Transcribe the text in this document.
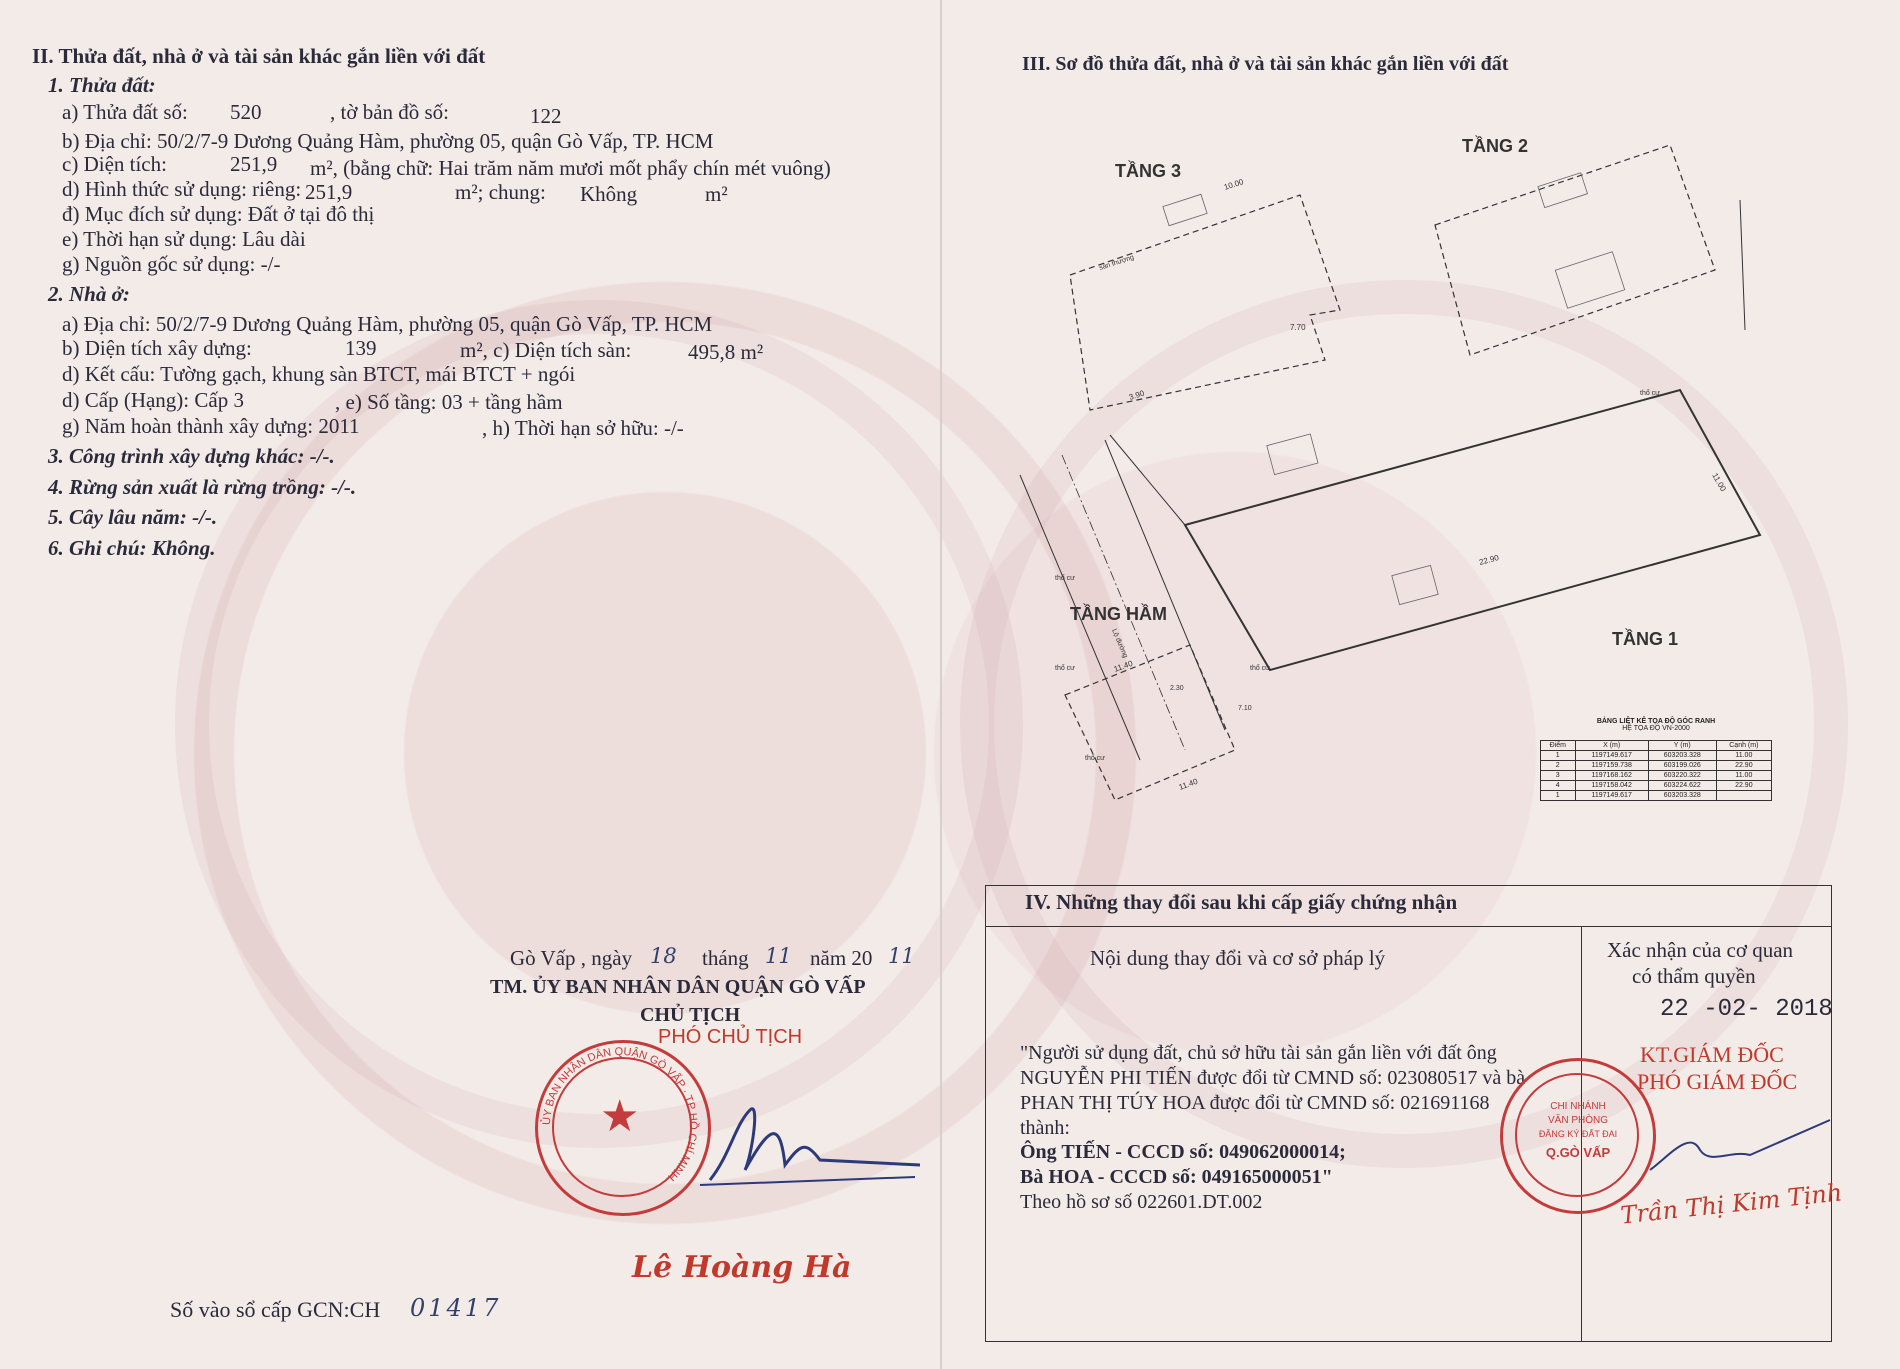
II. Thửa đất, nhà ở và tài sản khác gắn liền với đất
1. Thửa đất:
a) Thửa đất số: 520	, tờ bản đồ số:	122
b) Địa chỉ: 50/2/7-9 Dương Quảng Hàm, phường 05, quận Gò Vấp, TP. HCM
c) Diện tích:	251,9 m², (bằng chữ: Hai trăm năm mươi mốt phẩy chín mét vuông)
d) Hình thức sử dụng: riêng: 251,9	m²; chung: Không	m²
đ) Mục đích sử dụng: Đất ở tại đô thị
e) Thời hạn sử dụng: Lâu dài
g) Nguồn gốc sử dụng: -/-
2. Nhà ở:
a) Địa chỉ: 50/2/7-9 Dương Quảng Hàm, phường 05, quận Gò Vấp, TP. HCM
b) Diện tích xây dựng:	139	m², c) Diện tích sàn:	495,8 m²
d) Kết cấu: Tường gạch, khung sàn BTCT, mái BTCT + ngói
d) Cấp (Hạng): Cấp 3	, e) Số tầng: 03 + tầng hầm
g) Năm hoàn thành xây dựng: 2011	, h) Thời hạn sở hữu: -/-
3. Công trình xây dựng khác: -/-.
4. Rừng sản xuất là rừng trồng: -/-.
5. Cây lâu năm: -/-.
6. Ghi chú: Không.
Gò Vấp , ngày 18 tháng 11 năm 20 11
TM. ỦY BAN NHÂN DÂN QUẬN GÒ VẤP
CHỦ TỊCH
PHÓ CHỦ TỊCH
★
ỦY BAN NHÂN DÂN QUẬN GÒ VẤP · TP HỒ CHÍ MINH
Lê Hoàng Hà
Số vào sổ cấp GCN:CH 01417
III. Sơ đồ thửa đất, nhà ở và tài sản khác gắn liền với đất
TẦNG 3
10.00
sân thượng
7.70
3.90
TẦNG 2
TẦNG 1
22.90
11.00
thổ cư
thổ cư
Lộ đường
thổ cư
thổ cư
thổ cư
TẦNG HẦM
11.40
11.40
2.30
7.10
BẢNG LIỆT KÊ TỌA ĐỘ GÓC RANH
HỆ TỌA ĐỘ VN-2000
Điểm	X (m)	Y (m)	Cạnh (m)
1	1197149.617	603203.328	11.00
2	1197159.738	603199.026	22.90
3	1197168.162	603220.322	11.00
4	1197158.042	603224.622	22.90
1	1197149.617	603203.328	
IV. Những thay đổi sau khi cấp giấy chứng nhận
Nội dung thay đổi và cơ sở pháp lý	Xác nhận của cơ quan
có thẩm quyền
"Người sử dụng đất, chủ sở hữu tài sản gắn liền với đất ông
NGUYỄN PHI TIẾN được đổi từ CMND số: 023080517 và bà
PHAN THỊ TÚY HOA được đổi từ CMND số: 021691168
thành:
Ông TIẾN - CCCD số: 049062000014;
Bà HOA - CCCD số: 049165000051"
Theo hồ sơ số 022601.DT.002
22 -02- 2018
KT.GIÁM ĐỐC
PHÓ GIÁM ĐỐC
CHI NHÁNH
VĂN PHÒNG
ĐĂNG KÝ ĐẤT ĐAI
Q.GÒ VẤP
Trần Thị Kim Tịnh
